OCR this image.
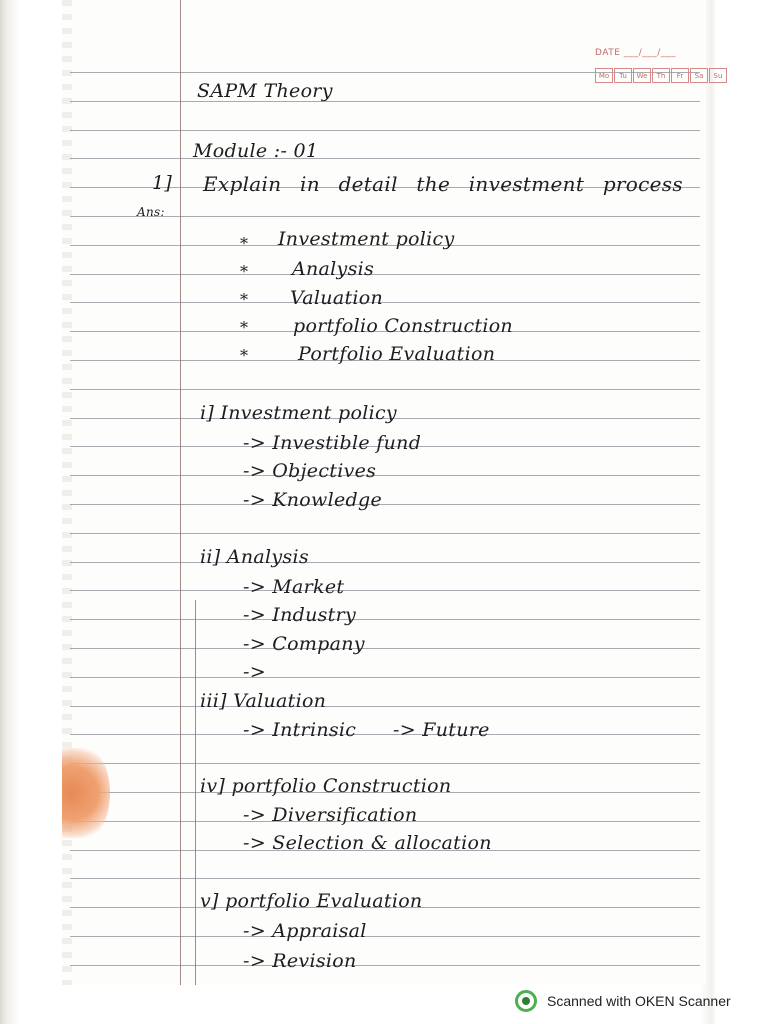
DATE ___/___/___
Mo	Tu	We	Th	Fr	Sa	Su
SAPM Theory
Module :- 01
1] Explain in detail the investment process
Ans:
* Investment policy
* Analysis
* Valuation
* portfolio Construction
*	Portfolio Evaluation
i] Investment policy
-> Investible fund
-> Objectives
-> Knowledge
ii] Analysis
-> Market
-> Industry
-> Company
->
iii] Valuation
-> Intrinsic -> Future
iv] portfolio Construction
-> Diversification
-> Selection & allocation
v] portfolio Evaluation
-> Appraisal
-> Revision
Scanned with OKEN Scanner
